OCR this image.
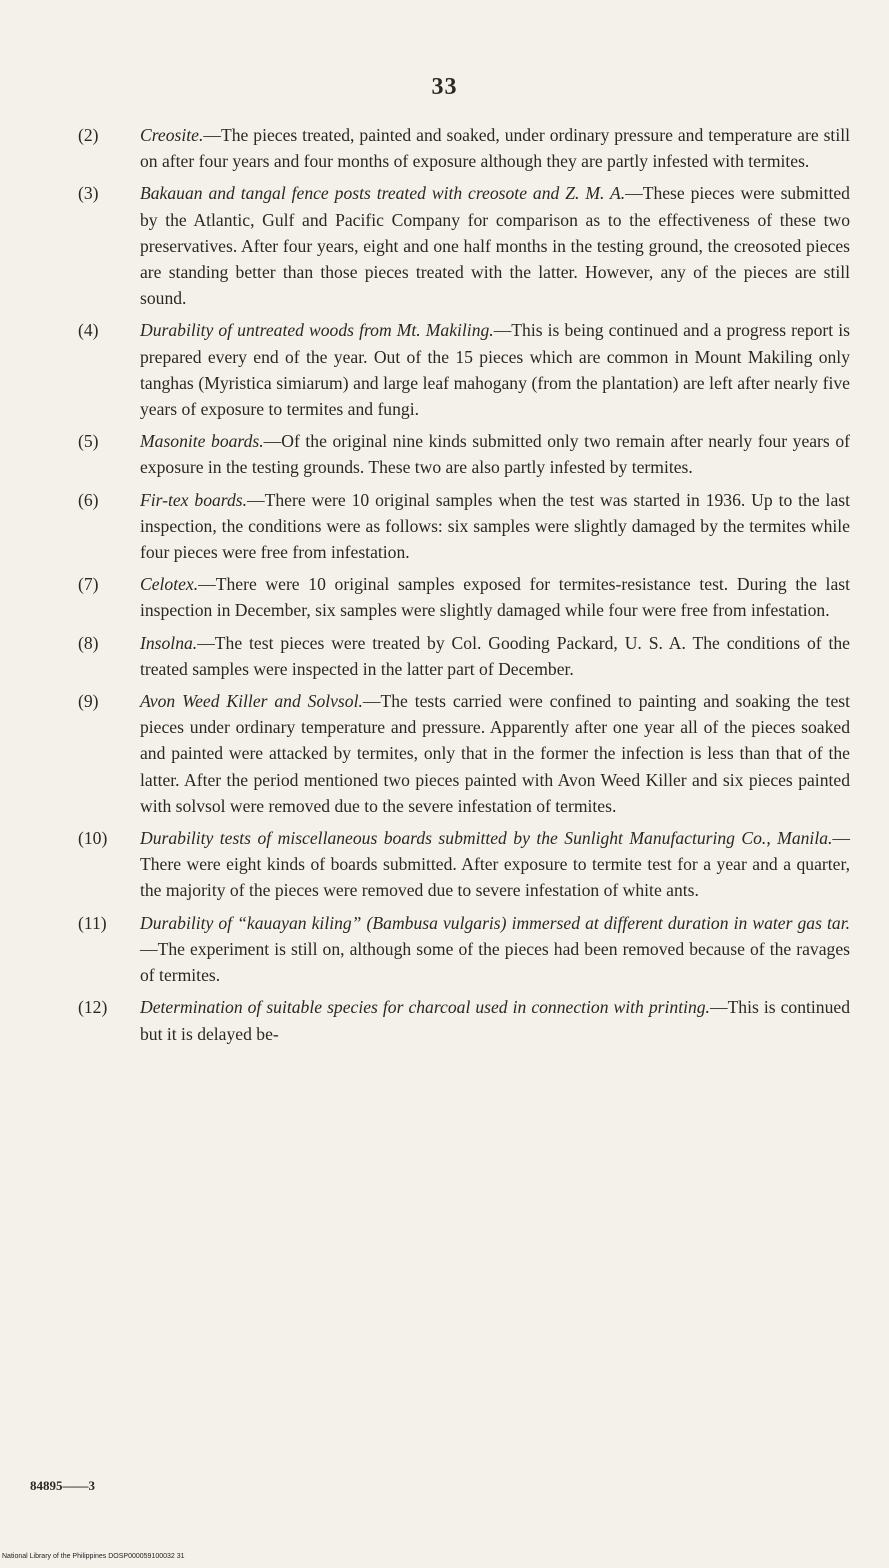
33
(2) Creosite.—The pieces treated, painted and soaked, under ordinary pressure and temperature are still on after four years and four months of exposure although they are partly infested with termites.
(3) Bakauan and tangal fence posts treated with creosote and Z. M. A.—These pieces were submitted by the Atlantic, Gulf and Pacific Company for comparison as to the effectiveness of these two preservatives. After four years, eight and one half months in the testing ground, the creosoted pieces are standing better than those pieces treated with the latter. However, any of the pieces are still sound.
(4) Durability of untreated woods from Mt. Makiling.—This is being continued and a progress report is prepared every end of the year. Out of the 15 pieces which are common in Mount Makiling only tanghas (Myristica simiarum) and large leaf mahogany (from the plantation) are left after nearly five years of exposure to termites and fungi.
(5) Masonite boards.—Of the original nine kinds submitted only two remain after nearly four years of exposure in the testing grounds. These two are also partly infested by termites.
(6) Fir-tex boards.—There were 10 original samples when the test was started in 1936. Up to the last inspection, the conditions were as follows: six samples were slightly damaged by the termites while four pieces were free from infestation.
(7) Celotex.—There were 10 original samples exposed for termites-resistance test. During the last inspection in December, six samples were slightly damaged while four were free from infestation.
(8) Insolna.—The test pieces were treated by Col. Gooding Packard, U. S. A. The conditions of the treated samples were inspected in the latter part of December.
(9) Avon Weed Killer and Solvsol.—The tests carried were confined to painting and soaking the test pieces under ordinary temperature and pressure. Apparently after one year all of the pieces soaked and painted were attacked by termites, only that in the former the infection is less than that of the latter. After the period mentioned two pieces painted with Avon Weed Killer and six pieces painted with solvsol were removed due to the severe infestation of termites.
(10) Durability tests of miscellaneous boards submitted by the Sunlight Manufacturing Co., Manila.—There were eight kinds of boards submitted. After exposure to termite test for a year and a quarter, the majority of the pieces were removed due to severe infestation of white ants.
(11) Durability of “kauayan kiling” (Bambusa vulgaris) immersed at different duration in water gas tar.—The experiment is still on, although some of the pieces had been removed because of the ravages of termites.
(12) Determination of suitable species for charcoal used in connection with printing.—This is continued but it is delayed be-
84895——3
National Library of the Philippines DOSP000059100032 31
